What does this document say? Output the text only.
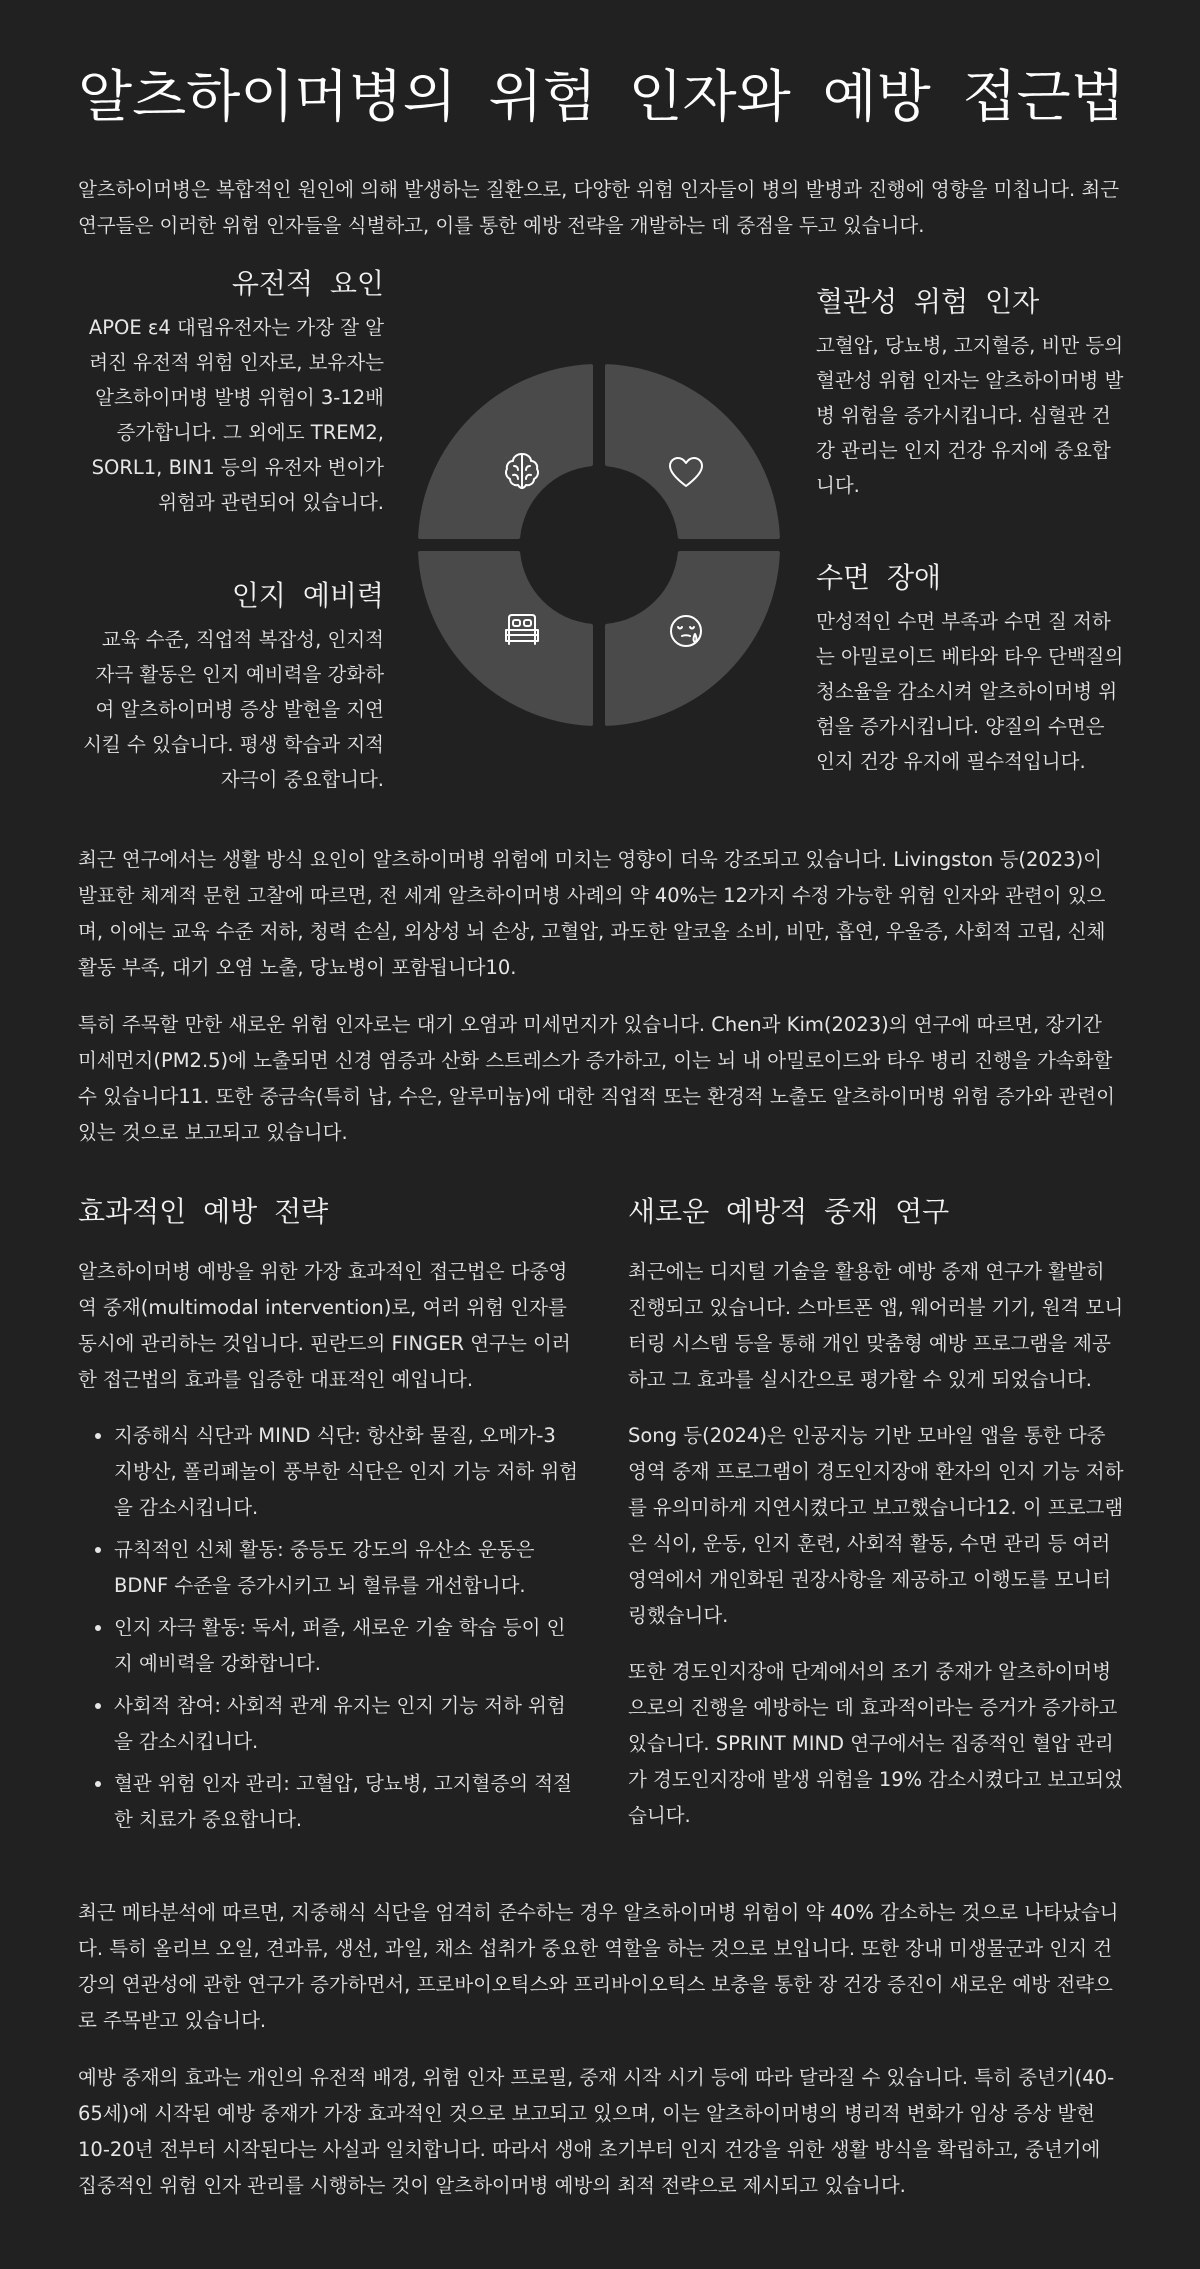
알츠하이머병의 위험 인자와 예방 접근법

알츠하이머병은 복합적인 원인에 의해 발생하는 질환으로, 다양한 위험 인자들이 병의 발병과 진행에 영향을 미칩니다. 최근 연구들은 이러한 위험 인자들을 식별하고, 이를 통한 예방 전략을 개발하는 데 중점을 두고 있습니다.

유전적 요인

APOE ε4 대립유전자는 가장 잘 알려진 유전적 위험 인자로, 보유자는 알츠하이머병 발병 위험이 3-12배 증가합니다. 그 외에도 TREM2, SORL1, BIN1 등의 유전자 변이가 위험과 관련되어 있습니다.

인지 예비력

교육 수준, 직업적 복잡성, 인지적 자극 활동은 인지 예비력을 강화하여 알츠하이머병 증상 발현을 지연시킬 수 있습니다. 평생 학습과 지적 자극이 중요합니다.

혈관성 위험 인자

고혈압, 당뇨병, 고지혈증, 비만 등의 혈관성 위험 인자는 알츠하이머병 발병 위험을 증가시킵니다. 심혈관 건강 관리는 인지 건강 유지에 중요합니다.

수면 장애

만성적인 수면 부족과 수면 질 저하는 아밀로이드 베타와 타우 단백질의 청소율을 감소시켜 알츠하이머병 위험을 증가시킵니다. 양질의 수면은 인지 건강 유지에 필수적입니다.

최근 연구에서는 생활 방식 요인이 알츠하이머병 위험에 미치는 영향이 더욱 강조되고 있습니다. Livingston 등(2023)이 발표한 체계적 문헌 고찰에 따르면, 전 세계 알츠하이머병 사례의 약 40%는 12가지 수정 가능한 위험 인자와 관련이 있으며, 이에는 교육 수준 저하, 청력 손실, 외상성 뇌 손상, 고혈압, 과도한 알코올 소비, 비만, 흡연, 우울증, 사회적 고립, 신체 활동 부족, 대기 오염 노출, 당뇨병이 포함됩니다10.

특히 주목할 만한 새로운 위험 인자로는 대기 오염과 미세먼지가 있습니다. Chen과 Kim(2023)의 연구에 따르면, 장기간 미세먼지(PM2.5)에 노출되면 신경 염증과 산화 스트레스가 증가하고, 이는 뇌 내 아밀로이드와 타우 병리 진행을 가속화할 수 있습니다11. 또한 중금속(특히 납, 수은, 알루미늄)에 대한 직업적 또는 환경적 노출도 알츠하이머병 위험 증가와 관련이 있는 것으로 보고되고 있습니다.

효과적인 예방 전략

알츠하이머병 예방을 위한 가장 효과적인 접근법은 다중영역 중재(multimodal intervention)로, 여러 위험 인자를 동시에 관리하는 것입니다. 핀란드의 FINGER 연구는 이러한 접근법의 효과를 입증한 대표적인 예입니다.

• 지중해식 식단과 MIND 식단: 항산화 물질, 오메가-3 지방산, 폴리페놀이 풍부한 식단은 인지 기능 저하 위험을 감소시킵니다.
• 규칙적인 신체 활동: 중등도 강도의 유산소 운동은 BDNF 수준을 증가시키고 뇌 혈류를 개선합니다.
• 인지 자극 활동: 독서, 퍼즐, 새로운 기술 학습 등이 인지 예비력을 강화합니다.
• 사회적 참여: 사회적 관계 유지는 인지 기능 저하 위험을 감소시킵니다.
• 혈관 위험 인자 관리: 고혈압, 당뇨병, 고지혈증의 적절한 치료가 중요합니다.
새로운 예방적 중재 연구

최근에는 디지털 기술을 활용한 예방 중재 연구가 활발히 진행되고 있습니다. 스마트폰 앱, 웨어러블 기기, 원격 모니터링 시스템 등을 통해 개인 맞춤형 예방 프로그램을 제공하고 그 효과를 실시간으로 평가할 수 있게 되었습니다.

Song 등(2024)은 인공지능 기반 모바일 앱을 통한 다중영역 중재 프로그램이 경도인지장애 환자의 인지 기능 저하를 유의미하게 지연시켰다고 보고했습니다12. 이 프로그램은 식이, 운동, 인지 훈련, 사회적 활동, 수면 관리 등 여러 영역에서 개인화된 권장사항을 제공하고 이행도를 모니터링했습니다.

또한 경도인지장애 단계에서의 조기 중재가 알츠하이머병으로의 진행을 예방하는 데 효과적이라는 증거가 증가하고 있습니다. SPRINT MIND 연구에서는 집중적인 혈압 관리가 경도인지장애 발생 위험을 19% 감소시켰다고 보고되었습니다.

최근 메타분석에 따르면, 지중해식 식단을 엄격히 준수하는 경우 알츠하이머병 위험이 약 40% 감소하는 것으로 나타났습니다. 특히 올리브 오일, 견과류, 생선, 과일, 채소 섭취가 중요한 역할을 하는 것으로 보입니다. 또한 장내 미생물군과 인지 건강의 연관성에 관한 연구가 증가하면서, 프로바이오틱스와 프리바이오틱스 보충을 통한 장 건강 증진이 새로운 예방 전략으로 주목받고 있습니다.

예방 중재의 효과는 개인의 유전적 배경, 위험 인자 프로필, 중재 시작 시기 등에 따라 달라질 수 있습니다. 특히 중년기(40-65세)에 시작된 예방 중재가 가장 효과적인 것으로 보고되고 있으며, 이는 알츠하이머병의 병리적 변화가 임상 증상 발현 10-20년 전부터 시작된다는 사실과 일치합니다. 따라서 생애 초기부터 인지 건강을 위한 생활 방식을 확립하고, 중년기에 집중적인 위험 인자 관리를 시행하는 것이 알츠하이머병 예방의 최적 전략으로 제시되고 있습니다.
